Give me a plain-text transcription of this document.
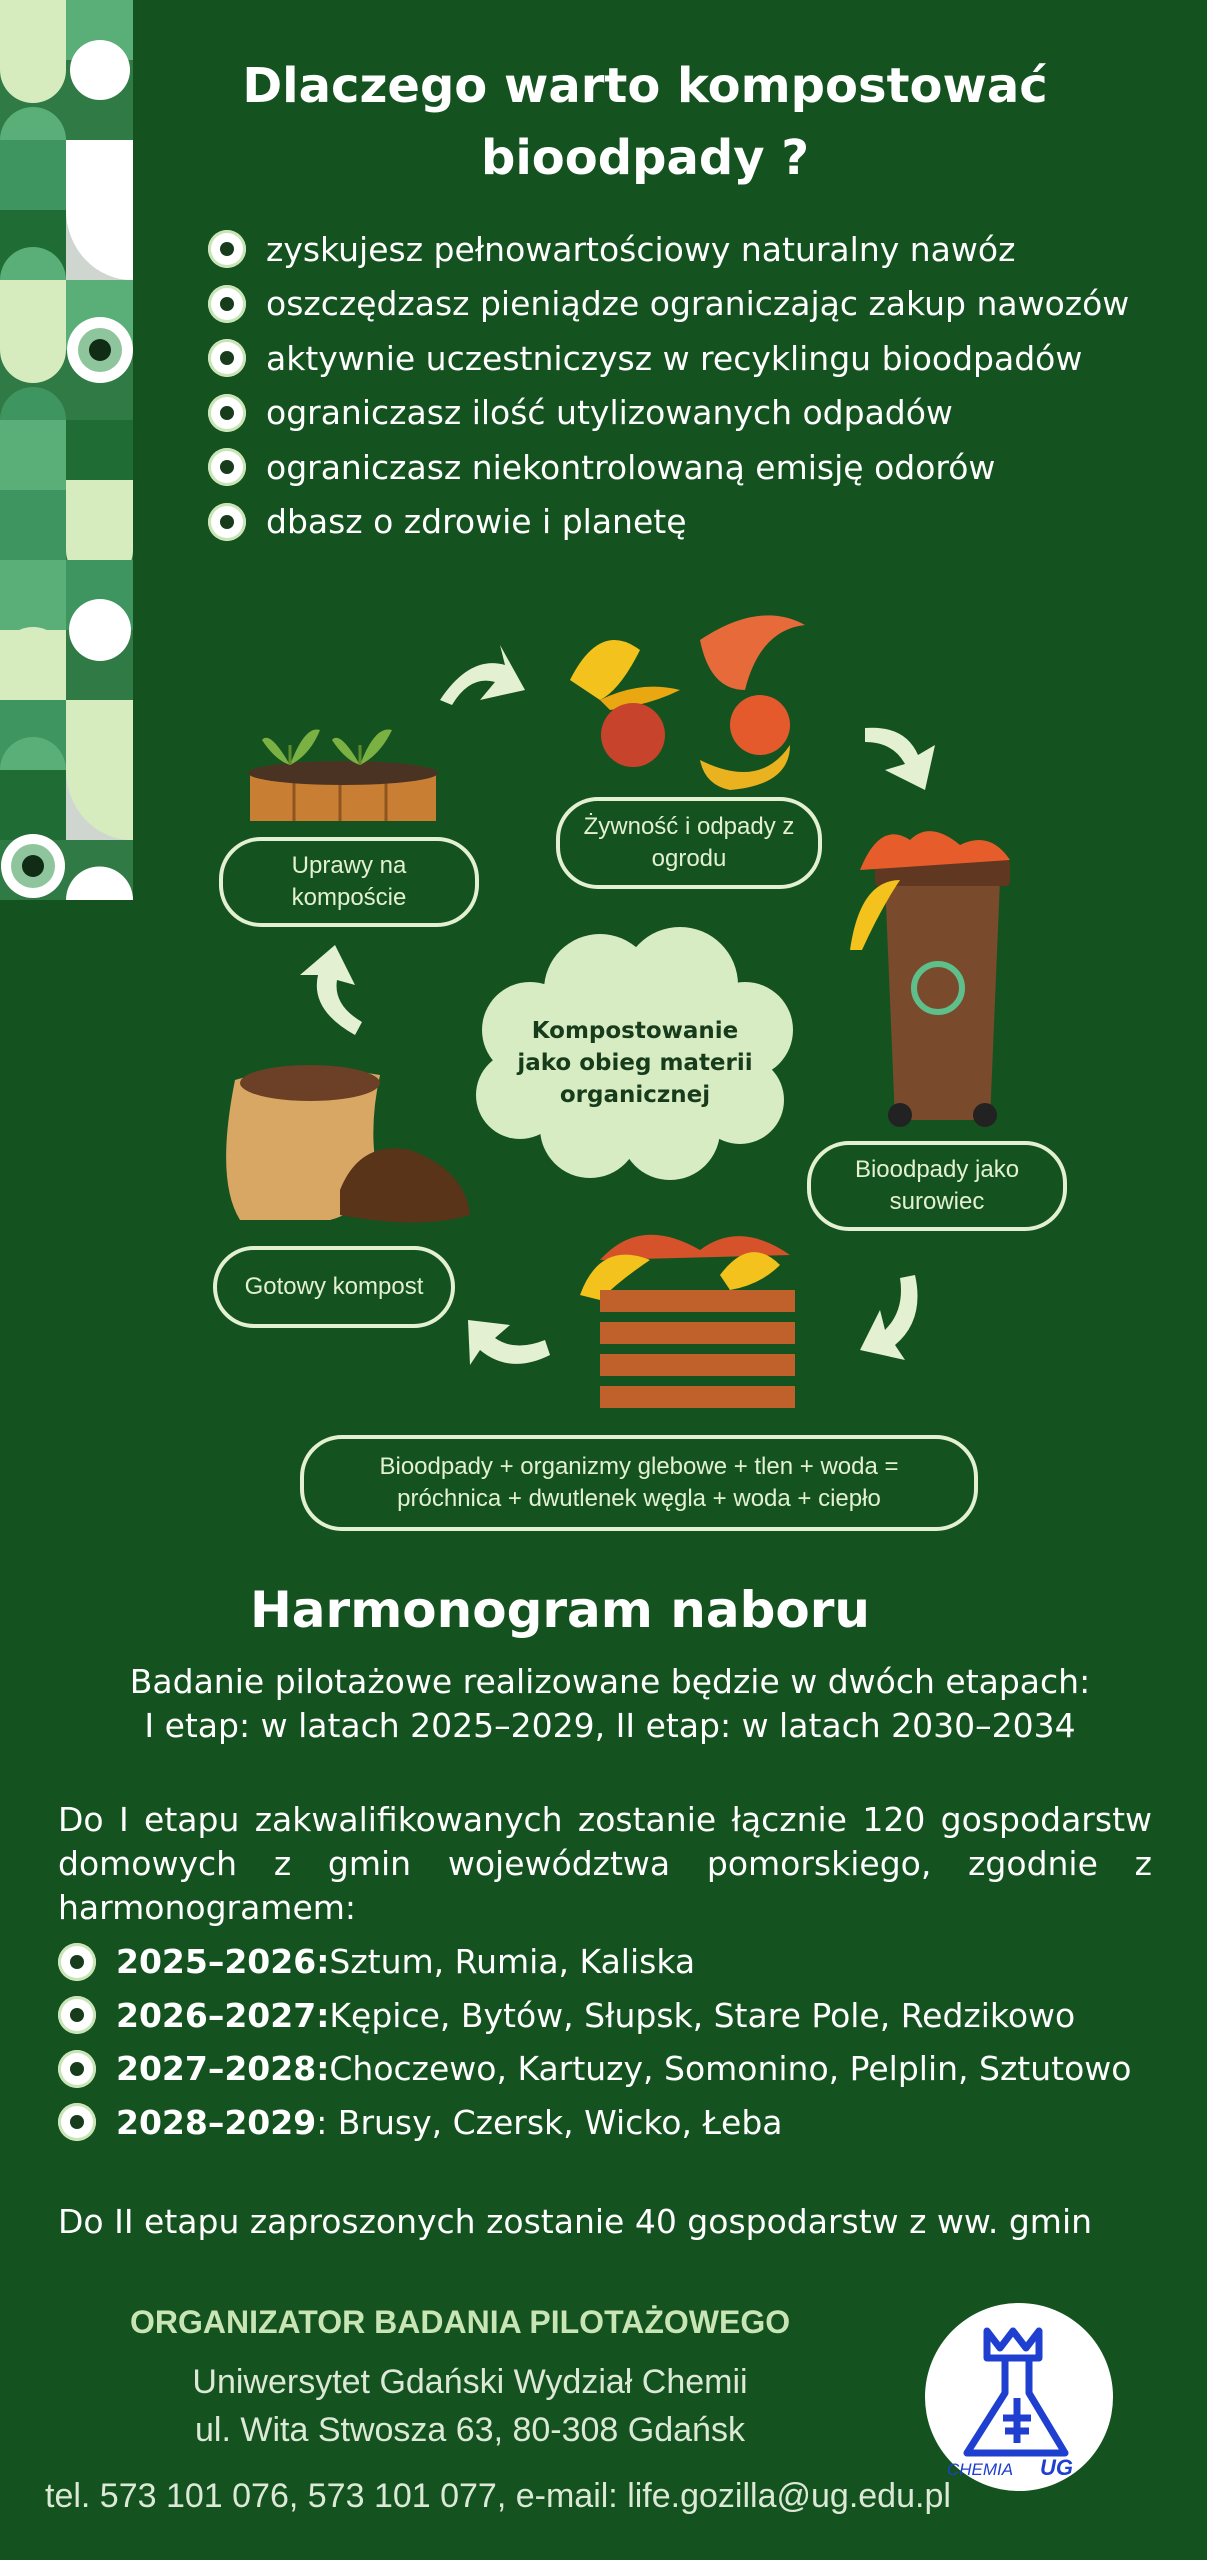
Dlaczego warto kompostować bioodpady ?
zyskujesz pełnowartościowy naturalny nawóz
oszczędzasz pieniądze ograniczając zakup nawozów
aktywnie uczestniczysz w recyklingu bioodpadów
ograniczasz ilość utylizowanych odpadów
ograniczasz niekontrolowaną emisję odorów
dbasz o zdrowie i planetę
Kompostowanie jako obieg materii organicznej
Żywność i odpady z ogrodu
Bioodpady jako surowiec
Gotowy kompost
Uprawy na kompoście
Bioodpady + organizmy glebowe + tlen + woda =
próchnica + dwutlenek węgla + woda + ciepło
Harmonogram naboru
Badanie pilotażowe realizowane będzie w dwóch etapach:
I etap: w latach 2025–2029, II etap: w latach 2030–2034
Do I etapu zakwalifikowanych zostanie łącznie 120 gospodarstw domowych z gmin województwa pomorskiego, zgodnie z harmonogramem:
2025–2026: Sztum, Rumia, Kaliska
2026–2027: Kępice, Bytów, Słupsk, Stare Pole, Redzikowo
2027–2028: Choczewo, Kartuzy, Somonino, Pelplin, Sztutowo
2028–2029 : Brusy, Czersk, Wicko, Łeba
Do II etapu zaproszonych zostanie 40 gospodarstw z ww. gmin
ORGANIZATOR BADANIA PILOTAŻOWEGO
Uniwersytet Gdański Wydział Chemii
ul. Wita Stwosza 63, 80-308 Gdańsk
tel. 573 101 076, 573 101 077, e-mail: life.gozilla@ug.edu.pl
CHEMIA UG
